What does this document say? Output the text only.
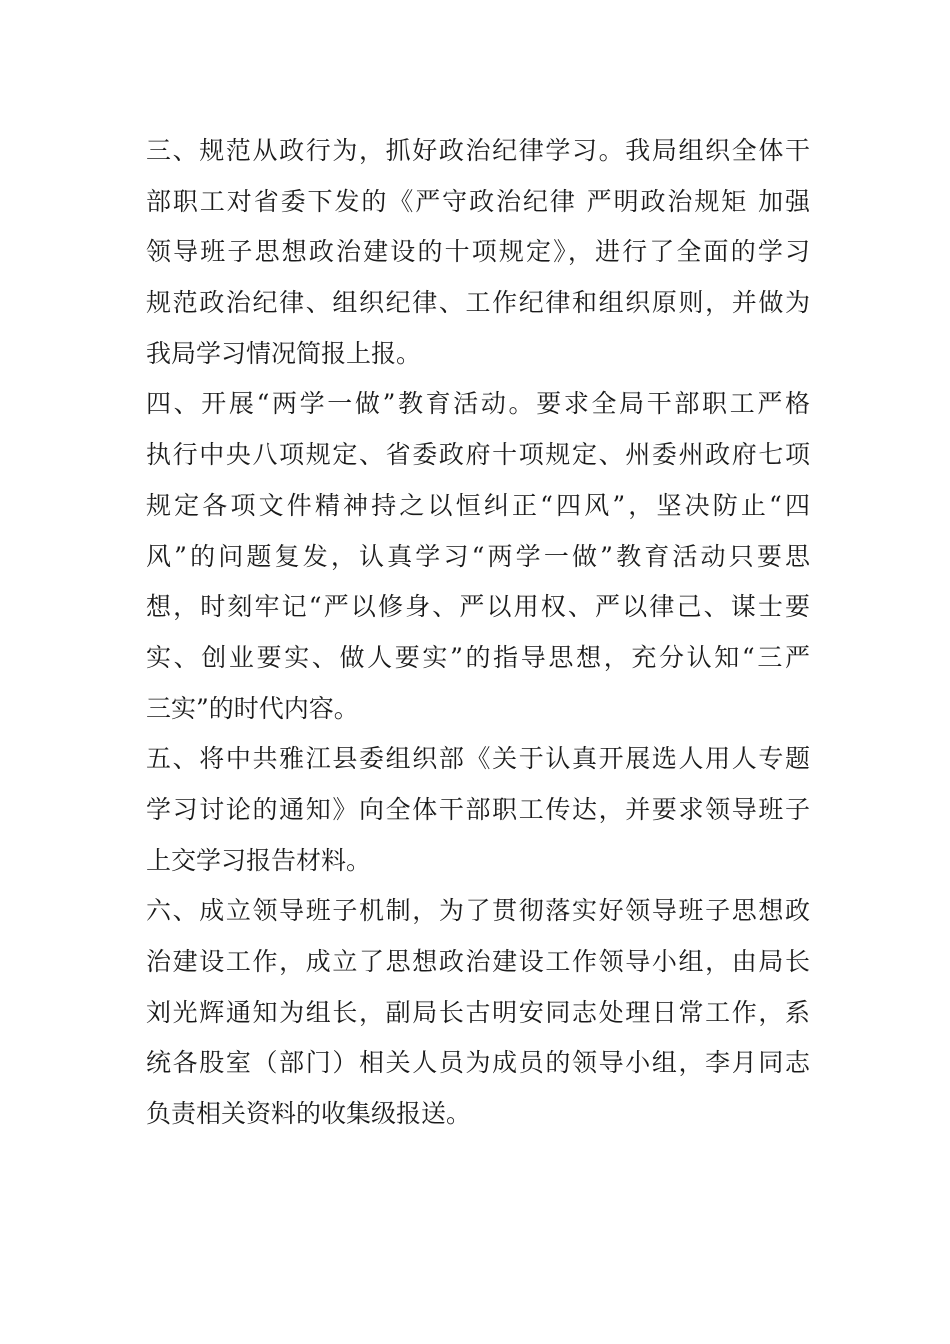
三、规范从政行为，抓好政治纪律学习。我局组织全体干
部职工对省委下发的《严守政治纪律 严明政治规矩 加强
领导班子思想政治建设的十项规定》，进行了全面的学习
规范政治纪律、组织纪律、工作纪律和组织原则，并做为
我局学习情况简报上报。
四、开展“两学一做”教育活动。要求全局干部职工严格
执行中央八项规定、省委政府十项规定、州委州政府七项
规定各项文件精神持之以恒纠正“四风”，坚决防止“四
风”的问题复发，认真学习“两学一做”教育活动只要思
想，时刻牢记“严以修身、严以用权、严以律己、谋士要
实、创业要实、做人要实”的指导思想，充分认知“三严
三实”的时代内容。
五、将中共雅江县委组织部《关于认真开展选人用人专题
学习讨论的通知》向全体干部职工传达，并要求领导班子
上交学习报告材料。
六、成立领导班子机制，为了贯彻落实好领导班子思想政
治建设工作，成立了思想政治建设工作领导小组，由局长
刘光辉通知为组长，副局长古明安同志处理日常工作，系
统各股室（部门）相关人员为成员的领导小组，李月同志
负责相关资料的收集级报送。
